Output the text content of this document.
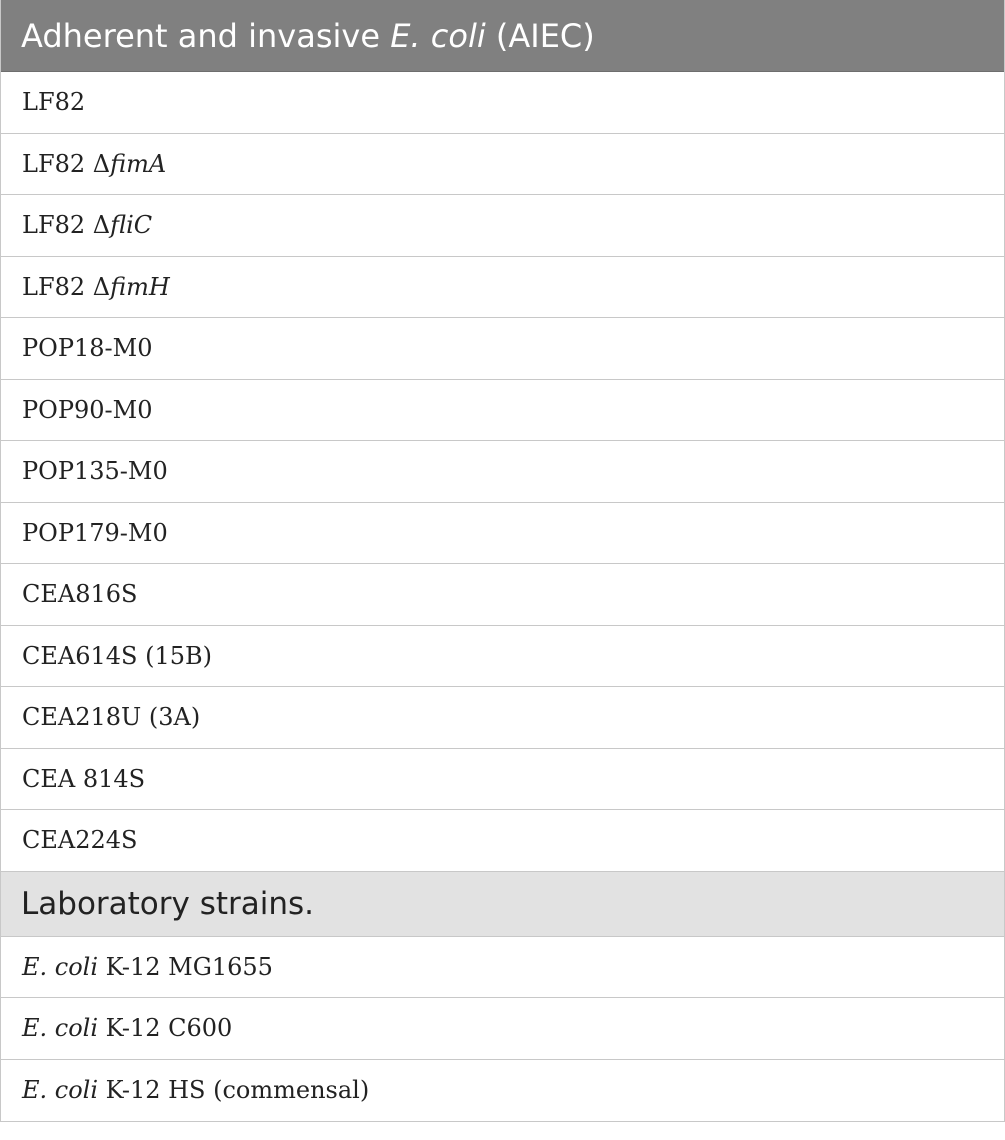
Adherent and invasive E. coli (AIEC)
LF82
LF82 Δ fimA
LF82 Δ fliC
LF82 Δ fimH
POP18-M0
POP90-M0
POP135-M0
POP179-M0
CEA816S
CEA614S (15B)
CEA218U (3A)
CEA 814S
CEA224S
Laboratory strains.
E. coli K-12 MG1655
E. coli K-12 C600
E. coli K-12 HS (commensal)
